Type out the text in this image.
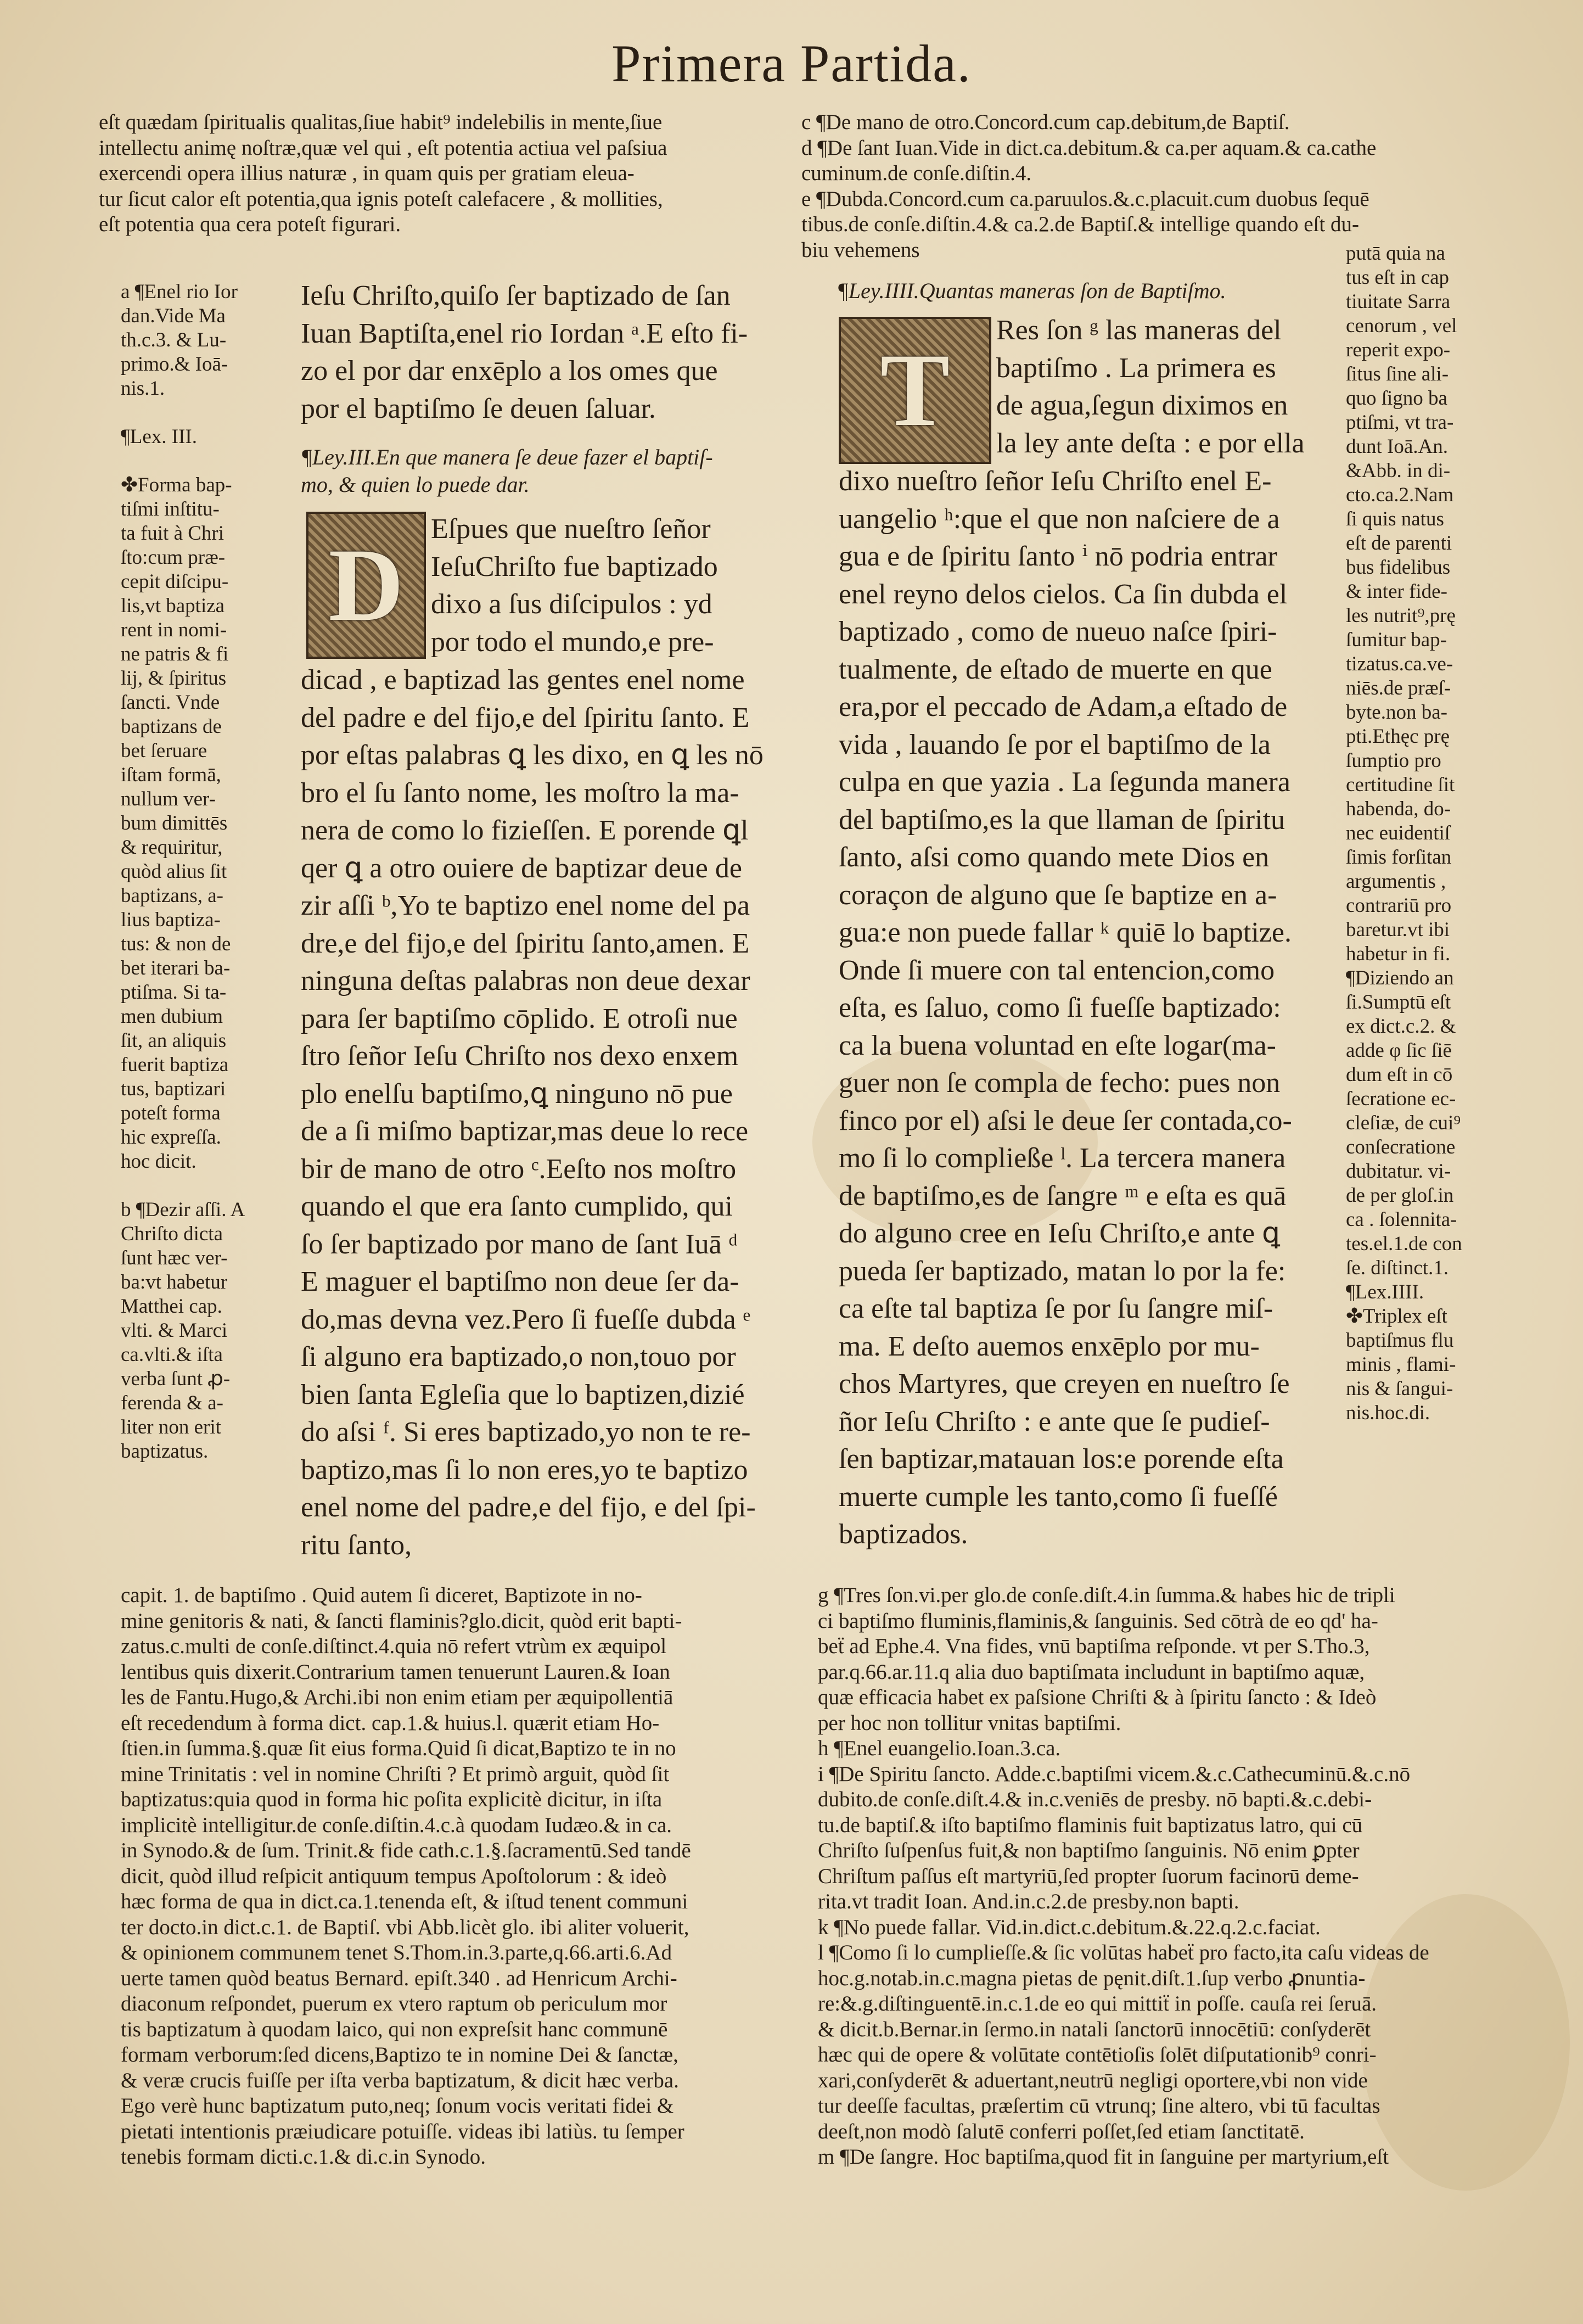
Primera Partida.
eſt quædam ſpiritualis qualitas,ſiue habit⁹ indelebilis in mente,ſiue
intellectu animę noſtræ,quæ vel qui , eſt potentia actiua vel paſsiua
exercendi opera illius naturæ , in quam quis per gratiam eleua-
tur ſicut calor eſt potentia,qua ignis poteſt calefacere , & mollities,
eſt potentia qua cera poteſt figurari.
c ¶De mano de otro.Concord.cum cap.debitum,de Baptiſ.
d ¶De ſant Iuan.Vide in dict.ca.debitum.& ca.per aquam.& ca.cathe
cuminum.de conſe.diſtin.4.
e ¶Dubda.Concord.cum ca.paruulos.&.c.placuit.cum duobus ſequē
tibus.de conſe.diſtin.4.& ca.2.de Baptiſ.& intellige quando eſt du-
biu vehemens	putā quia na
tus eſt in cap
tiuitate Sarra
cenorum , vel
reperit expo-
ſitus ſine ali-
quo ſigno ba
ptiſmi, vt tra-
dunt Ioā.An.
&Abb. in di-
cto.ca.2.Nam
ſi quis natus
eſt de parenti
bus fidelibus
& inter fide-
les nutrit⁹,prę
ſumitur bap-
tizatus.ca.ve-
niēs.de præſ-
byte.non ba-
pti.Ethęc prę
ſumptio pro
certitudine ſit
habenda, do-
nec euidentiſ
ſimis forſitan
argumentis ,
contrariū pro
baretur.vt ibi
habetur in fi.
¶Diziendo an
ſi.Sumptū eſt
ex dict.c.2. &
adde φ ſic ſiē
dum eſt in cō
ſecratione ec-
cleſiæ, de cui⁹
conſecratione
dubitatur. vi-
de per gloſ.in
ca . ſolennita-
tes.el.1.de con
ſe. diſtinct.1.
¶Lex.IIII.
✤Triplex eſt
baptiſmus flu
minis , flami-
nis & ſangui-
nis.hoc.di.
a ¶Enel rio Ior
dan.Vide Ma
th.c.3. & Lu-
primo.& Ioā-
nis.1.

¶Lex. III.

✤Forma bap-
tiſmi inſtitu-
ta fuit à Chri
ſto:cum præ-
cepit diſcipu-
lis,vt baptiza
rent in nomi-
ne patris & fi
lij, & ſpiritus
ſancti. Vnde
baptizans de
bet ſeruare
iſtam formā,
nullum ver-
bum dimittēs
& requiritur,
quòd alius ſit
baptizans, a-
lius baptiza-
tus: & non de
bet iterari ba-
ptiſma. Si ta-
men dubium
ſit, an aliquis
fuerit baptiza
tus, baptizari
poteſt forma
hic expreſſa.
hoc dicit.

b ¶Dezir aſſi. A
Chriſto dicta
ſunt hæc ver-
ba:vt habetur
Matthei cap.
vlti. & Marci
ca.vlti.& iſta
verba ſunt ꝓ-
ferenda & a-
liter non erit
baptizatus.
Ieſu Chriſto,quiſo ſer baptizado de ſan
Iuan Baptiſta,enel rio Iordan ᵃ.E eſto fi-
zo el por dar enxēplo a los omes que
por el baptiſmo ſe deuen ſaluar.
¶Ley.III.En que manera ſe deue fazer el baptiſ-
mo, & quien lo puede dar.
D Eſpues que nueſtro ſeñor
IeſuChriſto fue baptizado
dixo a ſus diſcipulos : yd
por todo el mundo,e pre-
dicad , e baptizad las gentes enel nome
del padre e del fijo,e del ſpiritu ſanto. E
por eſtas palabras ꝗ les dixo, en ꝗ les nō
bro el ſu ſanto nome, les moſtro la ma-
nera de como lo fizieſſen. E porende ꝗl
qer ꝗ a otro ouiere de baptizar deue de
zir aſſi ᵇ,Yo te baptizo enel nome del pa
dre,e del fijo,e del ſpiritu ſanto,amen. E
ninguna deſtas palabras non deue dexar
para ſer baptiſmo cōplido. E otroſi nue
ſtro ſeñor Ieſu Chriſto nos dexo enxem
plo enelſu baptiſmo,ꝗ ninguno nō pue
de a ſi miſmo baptizar,mas deue lo rece
bir de mano de otro ᶜ.Eeſto nos moſtro
quando el que era ſanto cumplido, qui
ſo ſer baptizado por mano de ſant Iuā ᵈ
E maguer el baptiſmo non deue ſer da-
do,mas devna vez.Pero ſi fueſſe dubda ᵉ
ſi alguno era baptizado,o non,touo por
bien ſanta Egleſia que lo baptizen,dizié
do aſsi ᶠ. Si eres baptizado,yo non te re-
baptizo,mas ſi lo non eres,yo te baptizo
enel nome del padre,e del fijo, e del ſpi-
ritu ſanto,
¶Ley.IIII.Quantas maneras ſon de Baptiſmo.
T
Res ſon ᵍ las maneras del
baptiſmo . La primera es
de agua,ſegun diximos en
la ley ante deſta : e por ella
dixo nueſtro ſeñor Ieſu Chriſto enel E-
uangelio ʰ:que el que non naſciere de a
gua e de ſpiritu ſanto ⁱ nō podria entrar
enel reyno delos cielos. Ca ſin dubda el
baptizado , como de nueuo naſce ſpiri-
tualmente, de eſtado de muerte en que
era,por el peccado de Adam,a eſtado de
vida , lauando ſe por el baptiſmo de la
culpa en que yazia . La ſegunda manera
del baptiſmo,es la que llaman de ſpiritu
ſanto, aſsi como quando mete Dios en
coraçon de alguno que ſe baptize en a-
gua:e non puede fallar ᵏ quiē lo baptize.
Onde ſi muere con tal entencion,como
eſta, es ſaluo, como ſi fueſſe baptizado:
ca la buena voluntad en eſte logar(ma-
guer non ſe compla de fecho: pues non
finco por el) aſsi le deue ſer contada,co-
mo ſi lo compließe ˡ. La tercera manera
de baptiſmo,es de ſangre ᵐ e eſta es quā
do alguno cree en Ieſu Chriſto,e ante ꝗ
pueda ſer baptizado, matan lo por la fe:
ca eſte tal baptiza ſe por ſu ſangre miſ-
ma. E deſto auemos enxēplo por mu-
chos Martyres, que creyen en nueſtro ſe
ñor Ieſu Chriſto : e ante que ſe pudieſ-
ſen baptizar,matauan los:e porende eſta
muerte cumple les tanto,como ſi fueſſé
baptizados.
capit. 1. de baptiſmo . Quid autem ſi diceret, Baptizote in no-
mine genitoris & nati, & ſancti flaminis?glo.dicit, quòd erit bapti-
zatus.c.multi de conſe.diſtinct.4.quia nō refert vtrùm ex æquipol
lentibus quis dixerit.Contrarium tamen tenuerunt Lauren.& Ioan
les de Fantu.Hugo,& Archi.ibi non enim etiam per æquipollentiā
eſt recedendum à forma dict. cap.1.& huius.l. quærit etiam Ho-
ſtien.in ſumma.§.quæ ſit eius forma.Quid ſi dicat,Baptizo te in no
mine Trinitatis : vel in nomine Chriſti ? Et primò arguit, quòd ſit
baptizatus:quia quod in forma hic poſita explicitè dicitur, in iſta
implicitè intelligitur.de conſe.diſtin.4.c.à quodam Iudæo.& in ca.
in Synodo.& de ſum. Trinit.& fide cath.c.1.§.ſacramentū.Sed tandē
dicit, quòd illud reſpicit antiquum tempus Apoſtolorum : & ideò
hæc forma de qua in dict.ca.1.tenenda eſt, & iſtud tenent communi
ter docto.in dict.c.1. de Baptiſ. vbi Abb.licèt glo. ibi aliter voluerit,
& opinionem communem tenet S.Thom.in.3.parte,q.66.arti.6.Ad
uerte tamen quòd beatus Bernard. epiſt.340 . ad Henricum Archi-
diaconum reſpondet, puerum ex vtero raptum ob periculum mor
tis baptizatum à quodam laico, qui non expreſsit hanc communē
formam verborum:ſed dicens,Baptizo te in nomine Dei & ſanctæ,
& veræ crucis fuiſſe per iſta verba baptizatum, & dicit hæc verba.
Ego verè hunc baptizatum puto,neq; ſonum vocis veritati fidei &
pietati intentionis præiudicare potuiſſe. videas ibi latiùs. tu ſemper
tenebis formam dicti.c.1.& di.c.in Synodo.
g ¶Tres ſon.vi.per glo.de conſe.diſt.4.in ſumma.& habes hic de tripli
ci baptiſmo fluminis,flaminis,& ſanguinis. Sed cōtrà de eo qd' ha-
beẗ ad Ephe.4. Vna fides, vnū baptiſma reſponde. vt per S.Tho.3,
par.q.66.ar.11.q alia duo baptiſmata includunt in baptiſmo aquæ,
quæ efficacia habet ex paſsione Chriſti & à ſpiritu ſancto : & Ideò
per hoc non tollitur vnitas baptiſmi.
h ¶Enel euangelio.Ioan.3.ca.
i ¶De Spiritu ſancto. Adde.c.baptiſmi vicem.&.c.Cathecuminū.&.c.nō
dubito.de conſe.diſt.4.& in.c.veniēs de presby. nō bapti.&.c.debi-
tu.de baptiſ.& iſto baptiſmo flaminis fuit baptizatus latro, qui cū
Chriſto ſuſpenſus fuit,& non baptiſmo ſanguinis. Nō enim ꝑpter
Chriſtum paſſus eſt martyriū,ſed propter ſuorum facinorū deme-
rita.vt tradit Ioan. And.in.c.2.de presby.non bapti.
k ¶No puede fallar. Vid.in.dict.c.debitum.&.22.q.2.c.faciat.
l ¶Como ſi lo cumplieſſe.& ſic volūtas habeẗ pro facto,ita caſu videas de
hoc.g.notab.in.c.magna pietas de pęnit.diſt.1.ſup verbo ꝓnuntia-
re:&.g.diſtinguentē.in.c.1.de eo qui mittiẗ in poſſe. cauſa rei ſeruā.
& dicit.b.Bernar.in ſermo.in natali ſanctorū innocētiū: conſyderēt
hæc qui de opere & volūtate contētioſis ſolēt diſputationib⁹ conri-
xari,conſyderēt & aduertant,neutrū negligi oportere,vbi non vide
tur deeſſe facultas, præſertim cū vtrunq; ſine altero, vbi tū facultas
deeſt,non modò ſalutē conferri poſſet,ſed etiam ſanctitatē.
m ¶De ſangre. Hoc baptiſma,quod fit in ſanguine per martyrium,eſt
